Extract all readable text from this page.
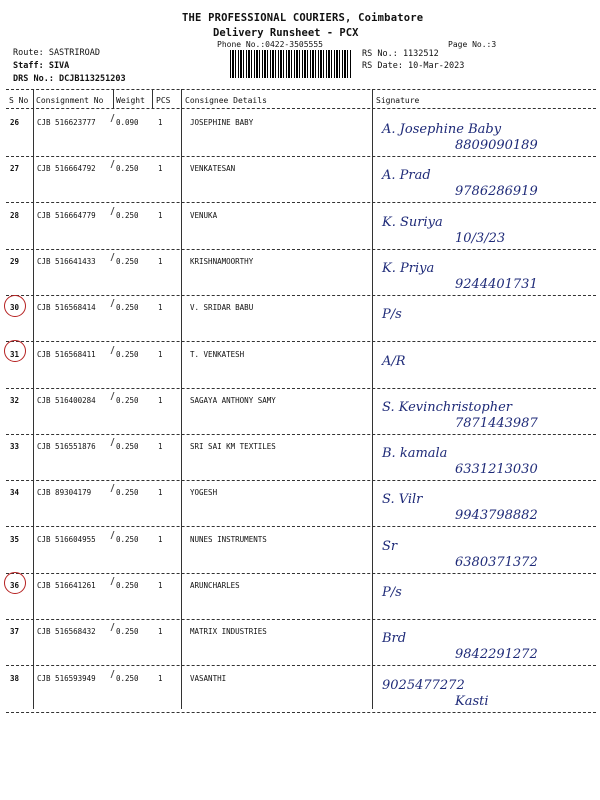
THE PROFESSIONAL COURIERS, Coimbatore
Delivery Runsheet - PCX
Phone No.:0422-3505555	Page No.:3
Route: SASTRIROAD
Staff: SIVA
DRS No.: DCJB113251203
RS No.: 1132512
RS Date: 10-Mar-2023
S No Consignment No Weight PCS Consignee Details	Signature
26 CJB 516623777	0.090	1	JOSEPHINE BABY	A. Josephine Baby
8809090189
27 CJB 516664792	0.250	1	VENKATESAN	A. Prad
9786286919
28 CJB 516664779	0.250	1	VENUKA	K. Suriya
10/3/23
29 CJB 516641433	0.250	1	KRISHNAMOORTHY	K. Priya
9244401731
30 CJB 516568414	0.250	1	V. SRIDAR BABU	P/s
31 CJB 516568411	0.250	1	T. VENKATESH	A/R
32 CJB 516400284	0.250	1	SAGAYA ANTHONY SAMY	S. Kevinchristopher
7871443987
33 CJB 516551876	0.250	1	SRI SAI KM TEXTILES	B. kamala
6331213030
34 CJB 89304179	0.250	1	YOGESH	S. Vilr
9943798882
35 CJB 516604955	0.250	1	NUNES INSTRUMENTS	Sr
6380371372
36 CJB 516641261	0.250	1	ARUNCHARLES	P/s
37 CJB 516568432	0.250	1	MATRIX INDUSTRIES	Brd
9842291272
38 CJB 516593949	0.250	1	VASANTHI	9025477272
Kasti
